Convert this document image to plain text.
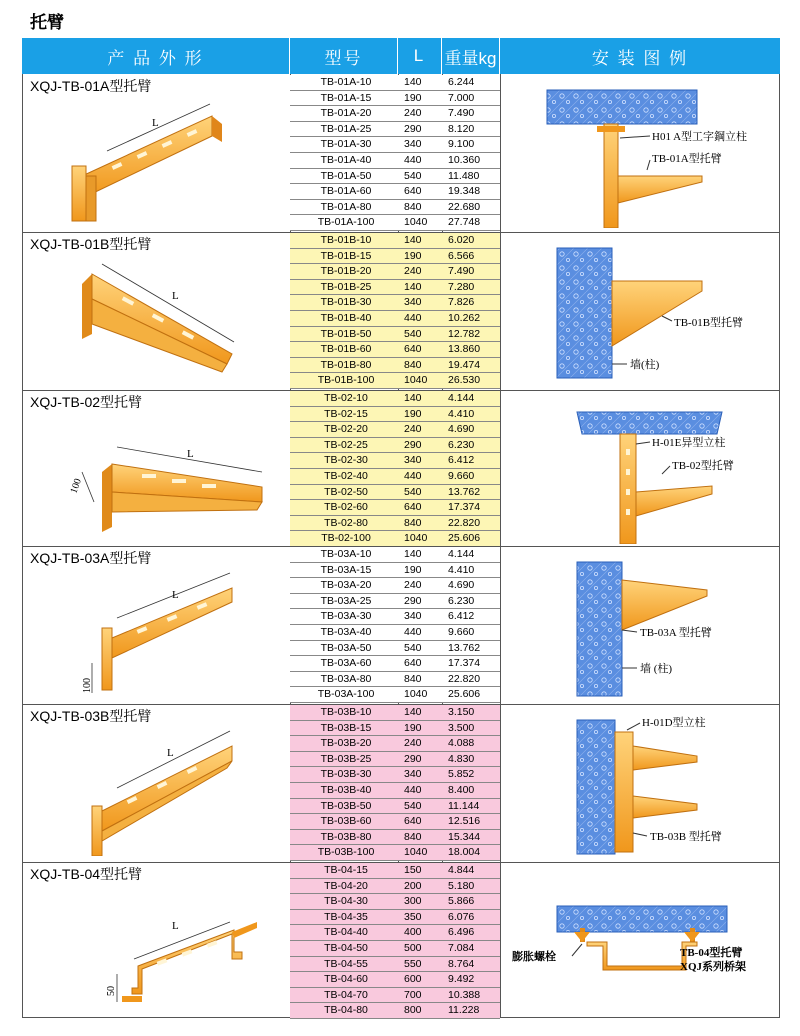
托臂
产 品 外 形	型号	L	重量kg	安 装 图 例
XQJ-TB-01A型托臂
L
TB-01A-10	140	6.244
TB-01A-15	190	7.000
TB-01A-20	240	7.490
TB-01A-25	290	8.120
TB-01A-30	340	9.100
TB-01A-40	440	10.360
TB-01A-50	540	11.480
TB-01A-60	640	19.348
TB-01A-80	840	22.680
TB-01A-100	1040	27.748
H01 A型工字鋼立柱
TB-01A型托臂
XQJ-TB-01B型托臂
L
TB-01B-10	140	6.020
TB-01B-15	190	6.566
TB-01B-20	240	7.490
TB-01B-25	140	7.280
TB-01B-30	340	7.826
TB-01B-40	440	10.262
TB-01B-50	540	12.782
TB-01B-60	640	13.860
TB-01B-80	840	19.474
TB-01B-100	1040	26.530
TB-01B型托臂
墙(柱)
XQJ-TB-02型托臂
L
100
TB-02-10	140	4.144
TB-02-15	190	4.410
TB-02-20	240	4.690
TB-02-25	290	6.230
TB-02-30	340	6.412
TB-02-40	440	9.660
TB-02-50	540	13.762
TB-02-60	640	17.374
TB-02-80	840	22.820
TB-02-100	1040	25.606
H-01E异型立柱
TB-02型托臂
XQJ-TB-03A型托臂
L
100
TB-03A-10	140	4.144
TB-03A-15	190	4.410
TB-03A-20	240	4.690
TB-03A-25	290	6.230
TB-03A-30	340	6.412
TB-03A-40	440	9.660
TB-03A-50	540	13.762
TB-03A-60	640	17.374
TB-03A-80	840	22.820
TB-03A-100	1040	25.606
TB-03A 型托臂
墙 (柱)
XQJ-TB-03B型托臂
L
TB-03B-10	140	3.150
TB-03B-15	190	3.500
TB-03B-20	240	4.088
TB-03B-25	290	4.830
TB-03B-30	340	5.852
TB-03B-40	440	8.400
TB-03B-50	540	11.144
TB-03B-60	640	12.516
TB-03B-80	840	15.344
TB-03B-100	1040	18.004
H-01D型立柱
TB-03B 型托臂
XQJ-TB-04型托臂
L
50
TB-04-15	150	4.844
TB-04-20	200	5.180
TB-04-30	300	5.866
TB-04-35	350	6.076
TB-04-40	400	6.496
TB-04-50	500	7.084
TB-04-55	550	8.764
TB-04-60	600	9.492
TB-04-70	700	10.388
TB-04-80	800	11.228
膨胀螺栓	TB-04型托臂
XQJ系列桥架
